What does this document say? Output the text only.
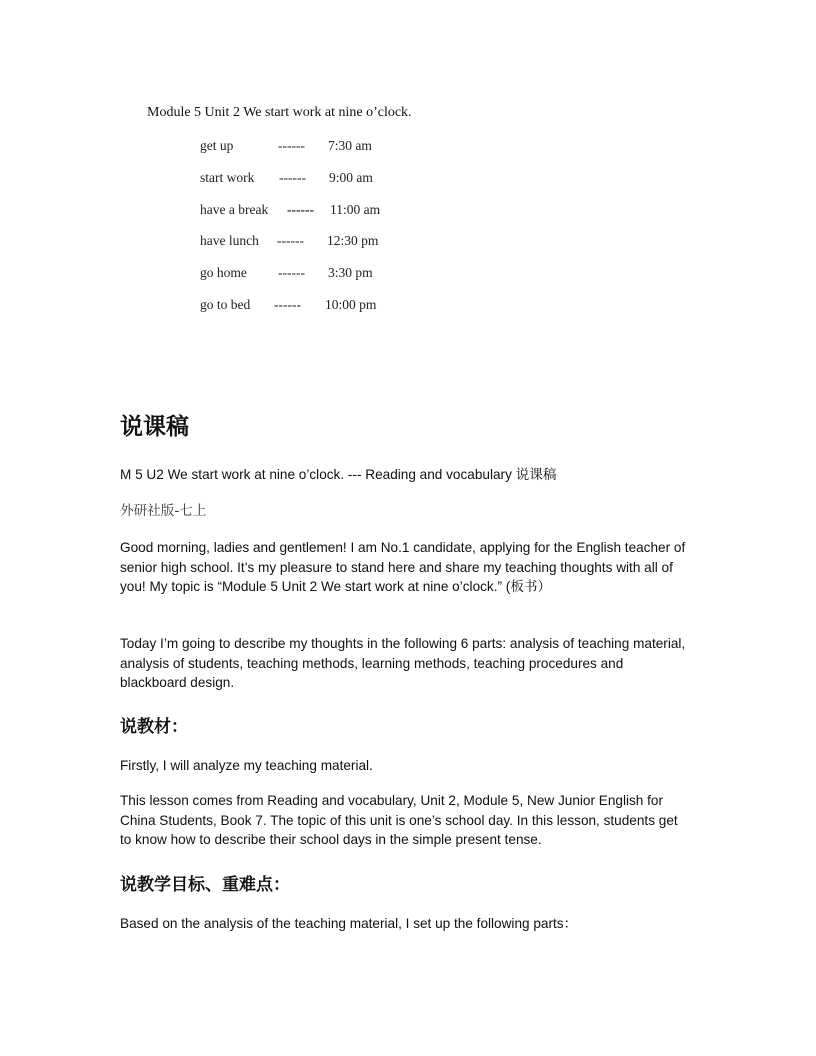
Module 5 Unit 2 We start work at nine o’clock.
get up	------ 7:30 am
start work ------ 9:00 am
have a break ------ 11:00 am
have lunch ------ 12:30 pm
go home ------ 3:30 pm
go to bed ------ 10:00 pm
说课稿

M 5 U2 We start work at nine o’clock. --- Reading and vocabulary 说课稿

外研社版-七上

Good morning, ladies and gentlemen! I am No.1 candidate, applying for the English teacher of senior high school. It’s my pleasure to stand here and share my teaching thoughts with all of you! My topic is “Module 5 Unit 2 We start work at nine o’clock.” (板书）

Today I’m going to describe my thoughts in the following 6 parts: analysis of teaching material, analysis of students, teaching methods, learning methods, teaching procedures and blackboard design.

说教材：

Firstly, I will analyze my teaching material.

This lesson comes from Reading and vocabulary, Unit 2, Module 5, New Junior English for China Students, Book 7. The topic of this unit is one’s school day. In this lesson, students get to know how to describe their school days in the simple present tense.

说教学目标、重难点：

Based on the analysis of the teaching material, I set up the following parts：
